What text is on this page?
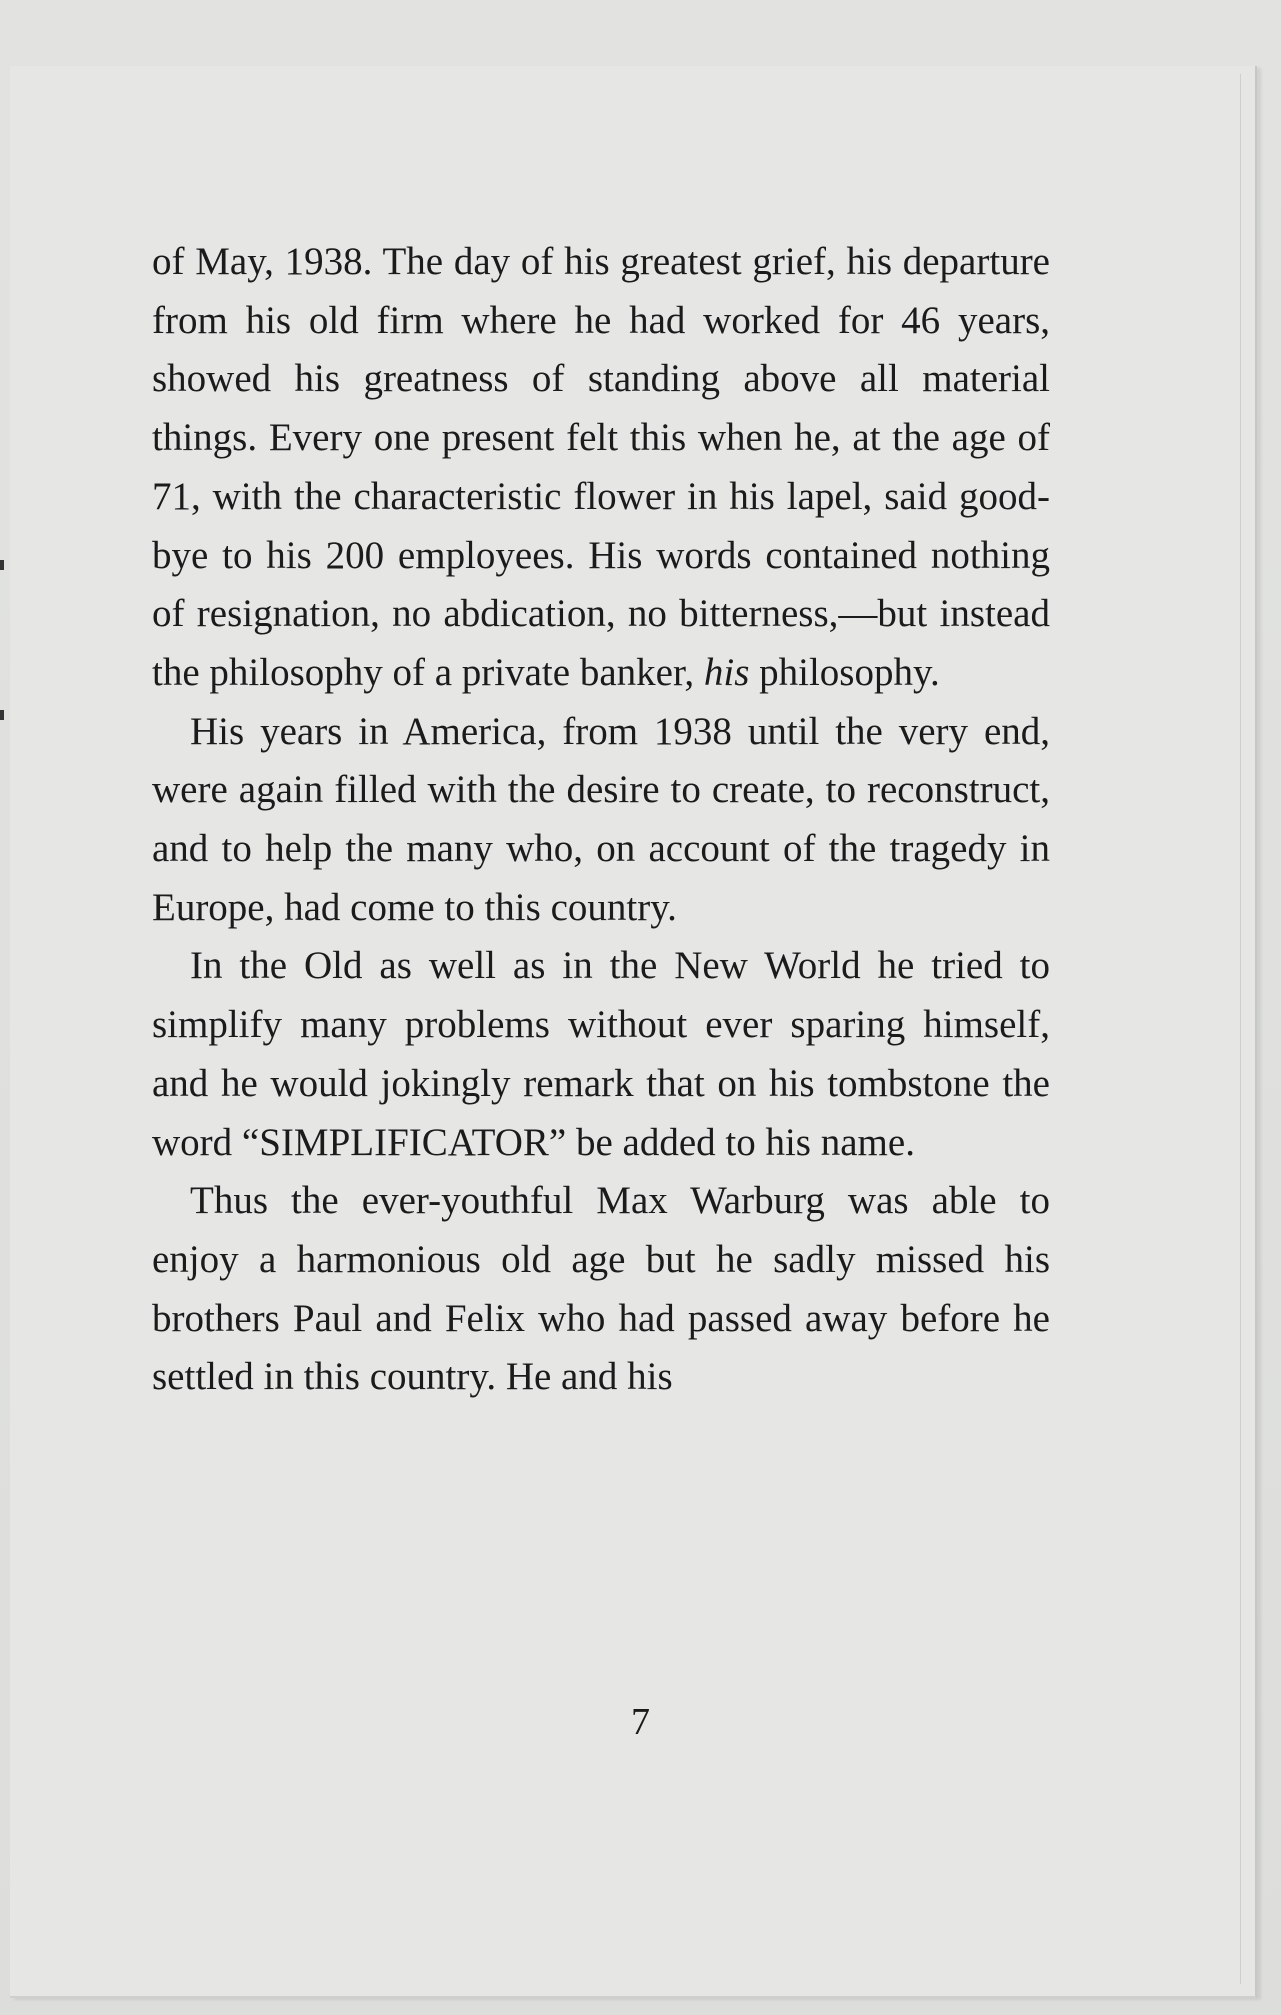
of May, 1938. The day of his greatest grief, his departure from his old firm where he had worked for 46 years, showed his greatness of standing above all material things. Every one present felt this when he, at the age of 71, with the characteristic flower in his lapel, said good-bye to his 200 employees. His words contained nothing of resignation, no abdication, no bitterness,—but instead the philosophy of a private banker, his philosophy.

His years in America, from 1938 until the very end, were again filled with the desire to create, to reconstruct, and to help the many who, on account of the tragedy in Europe, had come to this country.

In the Old as well as in the New World he tried to simplify many problems without ever sparing himself, and he would jokingly remark that on his tombstone the word “SIMPLIFICATOR” be added to his name.

Thus the ever-youthful Max Warburg was able to enjoy a harmonious old age but he sadly missed his brothers Paul and Felix who had passed away before he settled in this country. He and his

7
